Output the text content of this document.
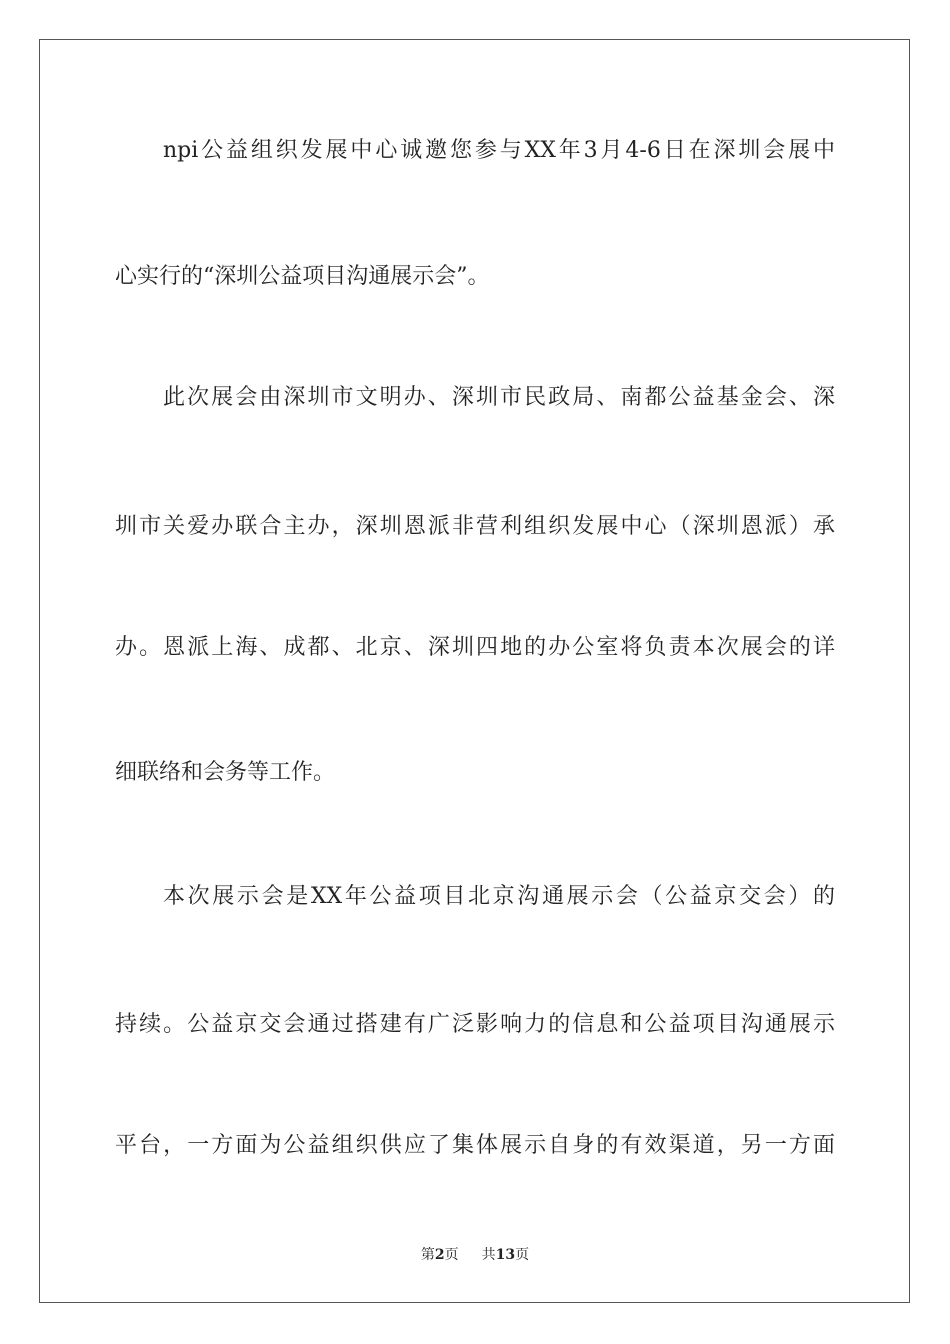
npi公益组织发展中心诚邀您参与XX年3月4-6日在深圳会展中
心实行的“深圳公益项目沟通展示会”。
此次展会由深圳市文明办、深圳市民政局、南都公益基金会、深
圳市关爱办联合主办，深圳恩派非营利组织发展中心（深圳恩派）承
办。恩派上海、成都、北京、深圳四地的办公室将负责本次展会的详
细联络和会务等工作。
本次展示会是XX年公益项目北京沟通展示会（公益京交会）的
持续。公益京交会通过搭建有广泛影响力的信息和公益项目沟通展示
平台，一方面为公益组织供应了集体展示自身的有效渠道，另一方面
第2页 共13页
